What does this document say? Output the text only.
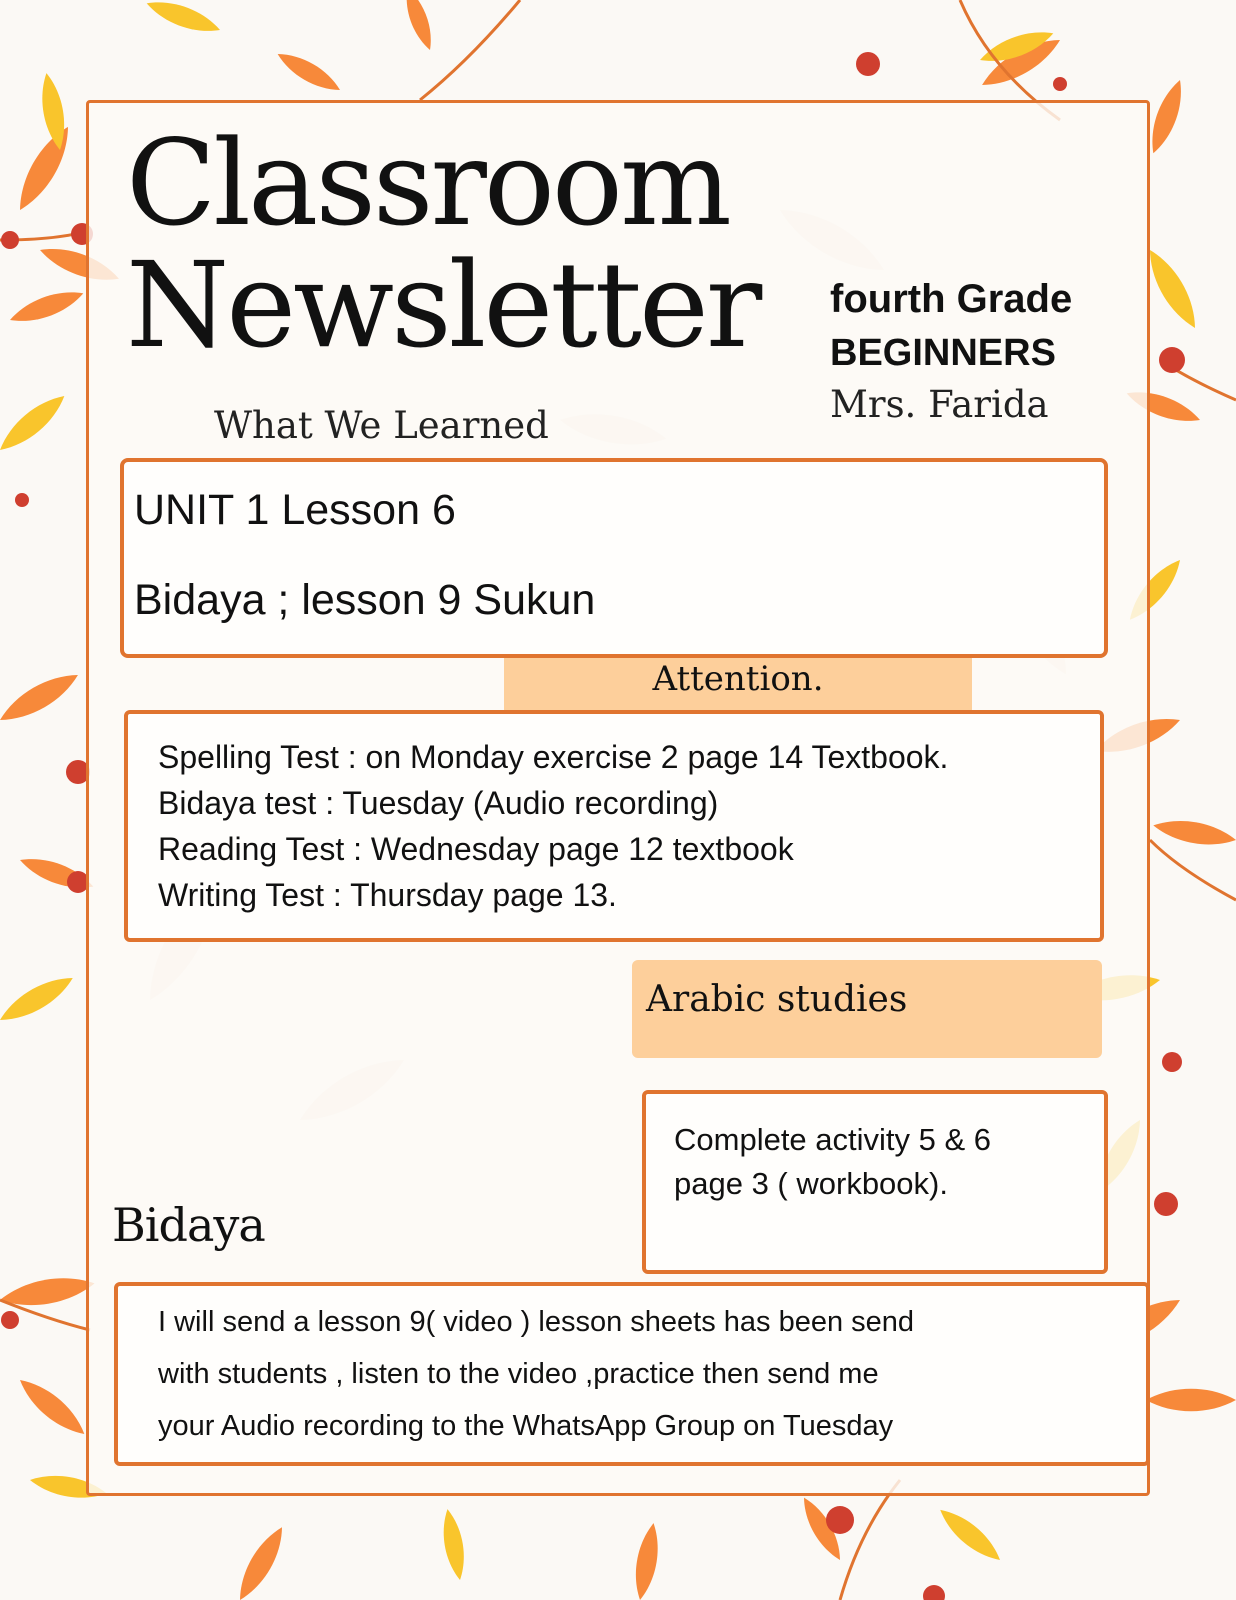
Classroom
Newsletter fourth Grade
BEGINNERS
Mrs. Farida
What We Learned
UNIT 1 Lesson 6
Bidaya ; lesson 9 Sukun
Attention.
Spelling Test : on Monday exercise 2 page 14 Textbook.
Bidaya test : Tuesday (Audio recording)
Reading Test : Wednesday page 12 textbook
Writing Test : Thursday page 13.
Arabic studies
Complete activity 5 & 6
page 3 ( workbook).
Bidaya
I will send a lesson 9( video ) lesson sheets has been send
with students , listen to the video ,practice then send me
your Audio recording to the WhatsApp Group on Tuesday
